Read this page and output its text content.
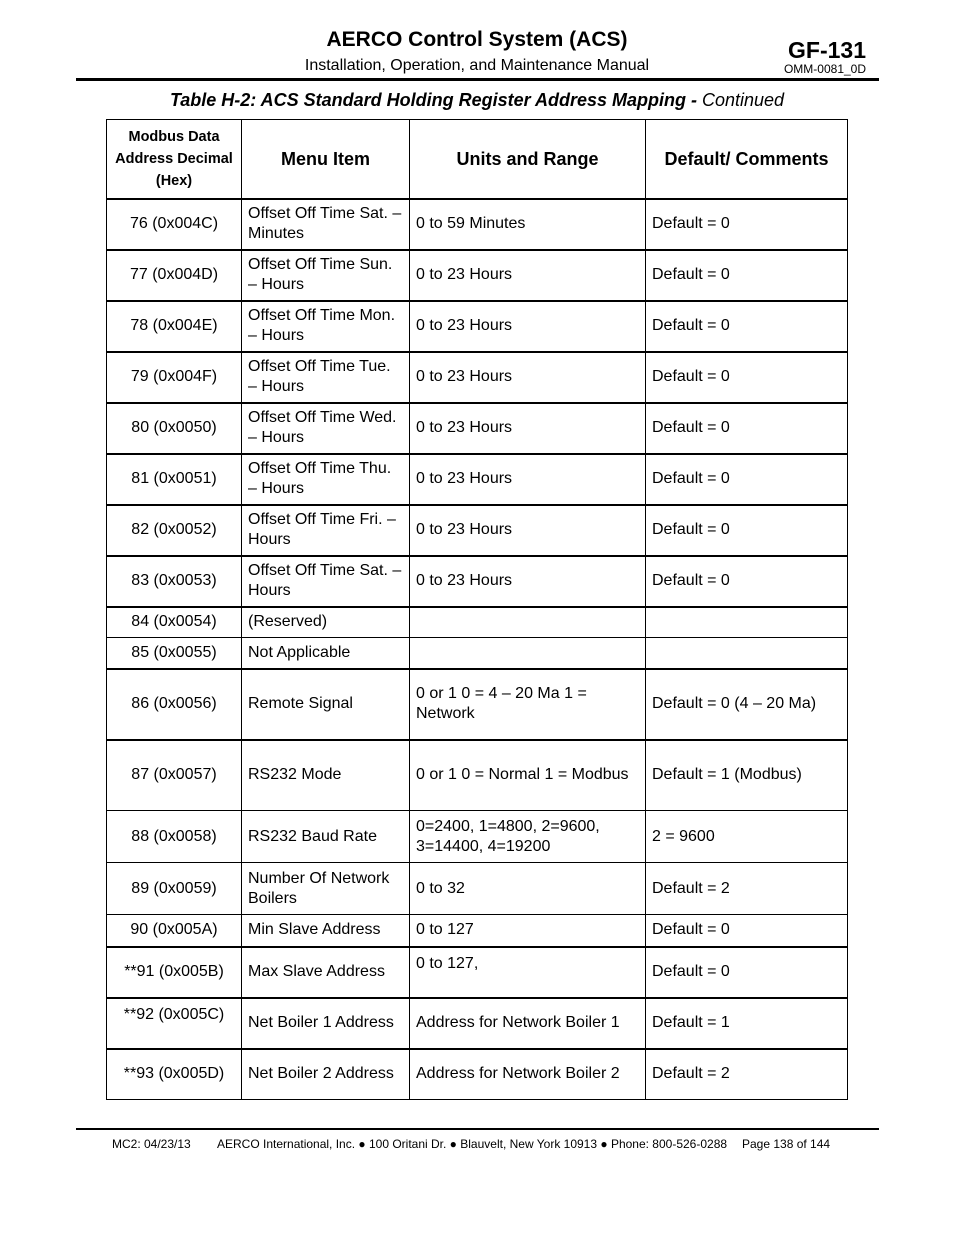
AERCO Control System (ACS)
Installation, Operation, and Maintenance Manual
GF-131
OMM-0081_0D
Table H-2: ACS Standard Holding Register Address Mapping - Continued
Modbus Data Address Decimal (Hex)	Menu Item	Units and Range	Default/ Comments
76 (0x004C)	Offset Off Time Sat. – Minutes	0 to 59 Minutes	Default = 0
77 (0x004D)	Offset Off Time Sun. – Hours	0 to 23 Hours	Default = 0
78 (0x004E)	Offset Off Time Mon. – Hours	0 to 23 Hours	Default = 0
79 (0x004F)	Offset Off Time Tue. – Hours	0 to 23 Hours	Default = 0
80 (0x0050)	Offset Off Time Wed. – Hours	0 to 23 Hours	Default = 0
81 (0x0051)	Offset Off Time Thu. – Hours	0 to 23 Hours	Default = 0
82 (0x0052)	Offset Off Time Fri. – Hours	0 to 23 Hours	Default = 0
83 (0x0053)	Offset Off Time Sat. – Hours	0 to 23 Hours	Default = 0
84 (0x0054)	(Reserved)		
85 (0x0055)	Not Applicable		
86 (0x0056)	Remote Signal	0 or 1 0 = 4 – 20 Ma 1 = Network	Default = 0 (4 – 20 Ma)
87 (0x0057)	RS232 Mode	0 or 1 0 = Normal 1 = Modbus	Default = 1 (Modbus)
88 (0x0058)	RS232 Baud Rate	0=2400, 1=4800, 2=9600, 3=14400, 4=19200	2 = 9600
89 (0x0059)	Number Of Network Boilers	0 to 32	Default = 2
90 (0x005A)	Min Slave Address	0 to 127	Default = 0
**91 (0x005B)	Max Slave Address	0 to 127,	Default = 0
**92 (0x005C)	Net Boiler 1 Address	Address for Network Boiler 1	Default = 1
**93 (0x005D)	Net Boiler 2 Address	Address for Network Boiler 2	Default = 2
MC2: 04/23/13 AERCO International, Inc. ● 100 Oritani Dr. ● Blauvelt, New York 10913 ● Phone: 800-526-0288 Page 138 of 144
